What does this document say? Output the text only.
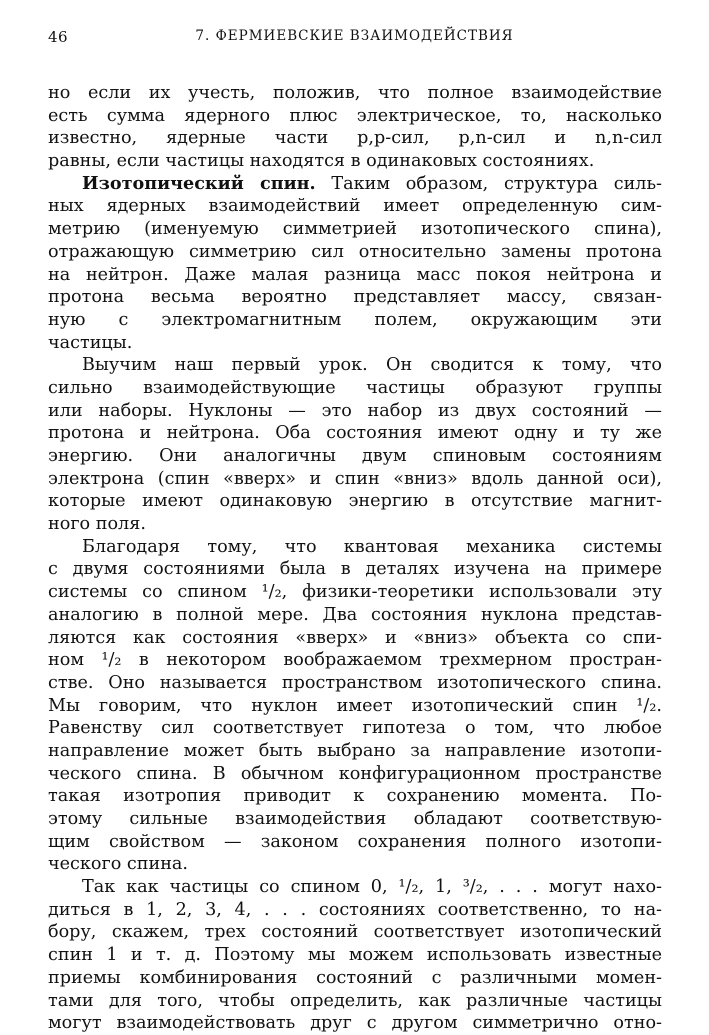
46	7. ФЕРМИЕВСКИЕ ВЗАИМОДЕЙСТВИЯ
но если их учесть, положив, что полное взаимодействие
есть сумма ядерного плюс электрическое, то, насколько
известно, ядерные части p,p-сил, p,n-сил и n,n-сил
равны, если частицы находятся в одинаковых состояниях.
Изотопический спин. Таким образом, структура силь-
ных ядерных взаимодействий имеет определенную сим-
метрию (именуемую симметрией изотопического спина),
отражающую симметрию сил относительно замены протона
на нейтрон. Даже малая разница масс покоя нейтрона и
протона весьма вероятно представляет массу, связан-
ную с электромагнитным полем, окружающим эти
частицы.
Выучим наш первый урок. Он сводится к тому, что
сильно взаимодействующие частицы образуют группы
или наборы. Нуклоны — это набор из двух состояний —
протона и нейтрона. Оба состояния имеют одну и ту же
энергию. Они аналогичны двум спиновым состояниям
электрона (спин «вверх» и спин «вниз» вдоль данной оси),
которые имеют одинаковую энергию в отсутствие магнит-
ного поля.
Благодаря тому, что квантовая механика системы
с двумя состояниями была в деталях изучена на примере
системы со спином ¹/₂, физики-теоретики использовали эту
аналогию в полной мере. Два состояния нуклона представ-
ляются как состояния «вверх» и «вниз» объекта со спи-
ном ¹/₂ в некотором воображаемом трехмерном простран-
стве. Оно называется пространством изотопического спина.
Мы говорим, что нуклон имеет изотопический спин ¹/₂.
Равенству сил соответствует гипотеза о том, что любое
направление может быть выбрано за направление изотопи-
ческого спина. В обычном конфигурационном пространстве
такая изотропия приводит к сохранению момента. По-
этому сильные взаимодействия обладают соответствую-
щим свойством — законом сохранения полного изотопи-
ческого спина.
Так как частицы со спином 0, ¹/₂, 1, ³/₂, . . . могут нахо-
диться в 1, 2, 3, 4, . . . состояниях соответственно, то на-
бору, скажем, трех состояний соответствует изотопический
спин 1 и т. д. Поэтому мы можем использовать известные
приемы комбинирования состояний с различными момен-
тами для того, чтобы определить, как различные частицы
могут взаимодействовать друг с другом симметрично отно-
